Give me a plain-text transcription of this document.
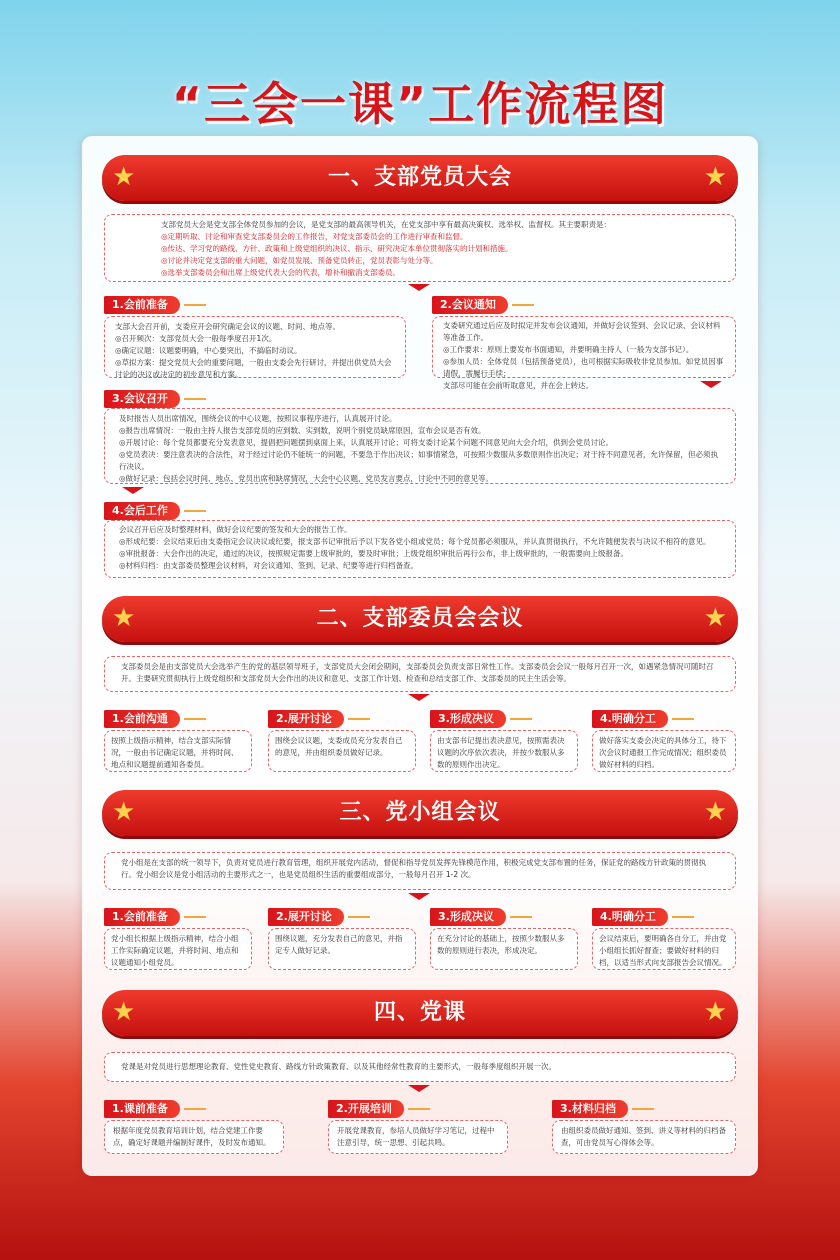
“三会一课”工作流程图
★	一、支部党员大会	★
支部党员大会是党支部全体党员参加的会议，是党支部的最高领导机关，在党支部中享有最高决策权、选举权、监督权。其主要职责是：
◎定期听取、讨论和审查党支部委员会的工作报告，对党支部委员会的工作进行审查和监督。
◎传达、学习党的路线、方针、政策和上级党组织的决议、指示，研究决定本单位贯彻落实的计划和措施。
◎讨论并决定党支部的重大问题，如党员发展、预备党员转正，党员表彰与处分等。
◎选举支部委员会和出席上级党代表大会的代表，增补和撤消支部委员。
1.会前准备
支部大会召开前，支委应开会研究确定会议的议题、时间、地点等。
◎召开频次：支部党员大会一般每季度召开1次。
◎确定议题：议题要明确，中心要突出，不搞临时动议。
◎草拟方案：提交党员大会的重要问题，一般由支委会先行研讨，并提出供党员大会讨论的决议或决定的初步意见和方案。
2.会议通知
支委研究通过后应及时拟定并发布会议通知，并做好会议签到、会议记录、会议材料等准备工作。
◎工作要求：原则上要发布书面通知，并要明确主持人（一般为支部书记）。
◎参加人员：全体党员（包括预备党员），也可根据实际吸收非党员参加。如党员因事请假，需履行手续；
支部尽可能在会前听取意见，并在会上转达。
3.会议召开
及时报告人员出席情况，围绕会议的中心议题，按照议事程序进行，认真展开讨论。
◎报告出席情况：一般由主持人报告支部党员的应到数、实到数，说明个别党员缺席原因，宣布会议是否有效。
◎开展讨论：每个党员都要充分发表意见，提倡把问题摆到桌面上来，认真展开讨论；可将支委讨论某个问题不同意见向大会介绍，供到会党员讨论。
◎党员表决：要注意表决的合法性，对于经过讨论仍不能统一的问题，不要急于作出决议；如事情紧急，可按照少数服从多数原则作出决定；对于持不同意见者，允许保留，但必须执行决议。
◎做好记录：包括会议时间、地点、党员出席和缺席情况，大会中心议题，党员发言要点，讨论中不同的意见等。
4.会后工作
会议召开后应及时整理材料，做好会议纪要的签发和大会的报告工作。
◎形成纪要：会议结束后由支委指定会议决议或纪要，报支部书记审批后予以下发各党小组或党员；每个党员都必须服从，并认真贯彻执行，不允许随便发表与决议不相符的意见。
◎审批报备：大会作出的决定，通过的决议，按照规定需要上级审批的，要及时审批；上级党组织审批后再行公布，非上级审批的，一般需要向上级报备。
◎材料归档：由支部委员整理会议材料，对会议通知、签到、记录、纪要等进行归档备查。
★	二、支部委员会会议	★
支部委员会是由支部党员大会选举产生的党的基层领导班子，支部党员大会闭会期间，支部委员会负责支部日常性工作。支部委员会会议一般每月召开一次，如遇紧急情况可随时召开。主要研究贯彻执行上级党组织和支部党员大会作出的决议和意见、支部工作计划、检查和总结支部工作、支部委员的民主生活会等。
1.会前沟通
按照上级指示精神，结合支部实际情况，一般由书记确定议题，并将时间、地点和议题提前通知各委员。
2.展开讨论
围绕会议议题，支委成员充分发表自己的意见，并由组织委员做好记录。
3.形成决议
由支部书记提出表决意见，按照需表决议题的次序依次表决，并按少数服从多数的原则作出决定。
4.明确分工
做好落实支委会决定的具体分工，待下次会议时通报工作完成情况；组织委员做好材料的归档。
★	三、党小组会议	★
党小组是在支部的统一领导下，负责对党员进行教育管理，组织开展党内活动，督促和指导党员发挥先锋模范作用，积极完成党支部布置的任务，保证党的路线方针政策的贯彻执行。党小组会议是党小组活动的主要形式之一，也是党员组织生活的重要组成部分，一般每月召开 1-2 次。
1.会前准备
党小组长根据上级指示精神，结合小组工作实际确定议题，并将时间、地点和议题通知小组党员。
2.展开讨论
围绕议题，充分发表自己的意见，并指定专人做好记录。
3.形成决议
在充分讨论的基础上，按照少数服从多数的原则进行表决，形成决定。
4.明确分工
会议结束后，要明确各自分工，并由党小组组长抓好督查；要做好材料的归档，以适当形式向支部报告会议情况。
★	四、党课	★
党课是对党员进行思想理论教育、党性党史教育、路线方针政策教育、以及其他经常性教育的主要形式，一般每季度组织开展一次。
1.课前准备
根据年度党员教育培训计划，结合党建工作要点，确定好课题并编制好课件，及时发布通知。
2.开展培训
开展党课教育，参培人员做好学习笔记，过程中注意引导，统一思想、引起共鸣。
3.材料归档
由组织委员做好通知、签到、讲义等材料的归档备查，可由党员写心得体会等。
